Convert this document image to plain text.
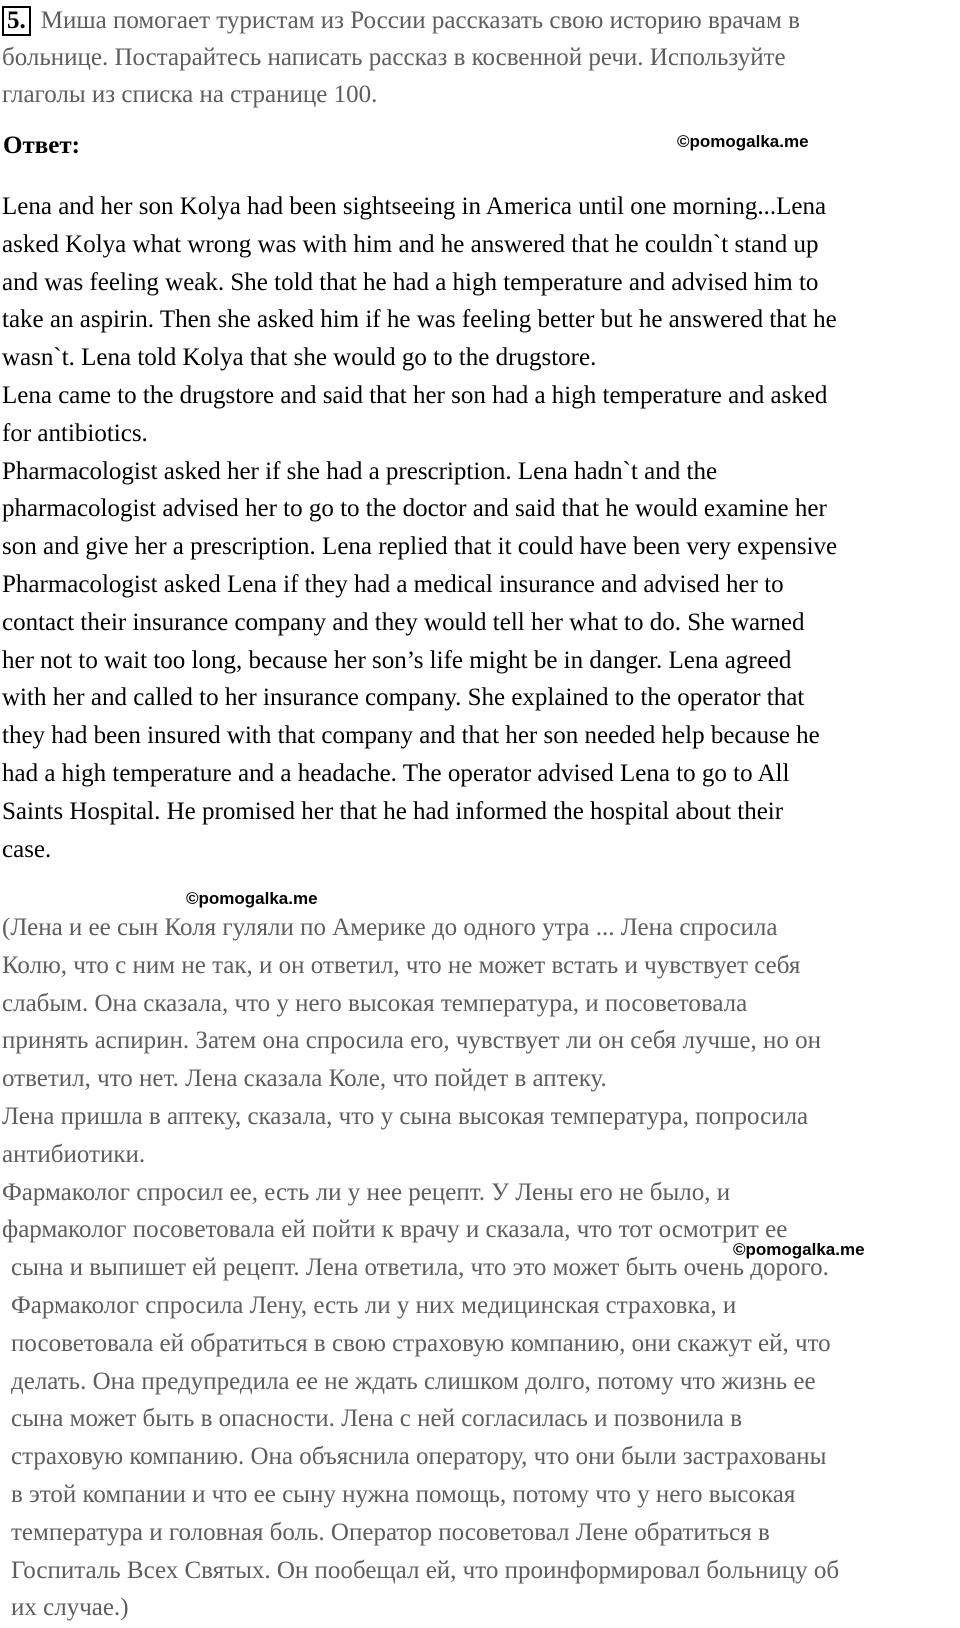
5. Миша помогает туристам из России рассказать свою историю врачам в
больнице. Постарайтесь написать рассказ в косвенной речи. Используйте
глаголы из списка на странице 100.
Ответ:	©pomogalka.me
©pomogalka.me
©pomogalka.me
Lena and her son Kolya had been sightseeing in America until one morning...Lena
asked Kolya what wrong was with him and he answered that he couldn`t stand up
and was feeling weak. She told that he had a high temperature and advised him to
take an aspirin. Then she asked him if he was feeling better but he answered that he
wasn`t. Lena told Kolya that she would go to the drugstore.
Lena came to the drugstore and said that her son had a high temperature and asked
for antibiotics.
Pharmacologist asked her if she had a prescription. Lena hadn`t and the
pharmacologist advised her to go to the doctor and said that he would examine her
son and give her a prescription. Lena replied that it could have been very expensive
Pharmacologist asked Lena if they had a medical insurance and advised her to
contact their insurance company and they would tell her what to do. She warned
her not to wait too long, because her son’s life might be in danger. Lena agreed
with her and called to her insurance company. She explained to the operator that
they had been insured with that company and that her son needed help because he
had a high temperature and a headache. The operator advised Lena to go to All
Saints Hospital. He promised her that he had informed the hospital about their
case.
(Лена и ее сын Коля гуляли по Америке до одного утра ... Лена спросила
Колю, что с ним не так, и он ответил, что не может встать и чувствует себя
слабым. Она сказала, что у него высокая температура, и посоветовала
принять аспирин. Затем она спросила его, чувствует ли он себя лучше, но он
ответил, что нет. Лена сказала Коле, что пойдет в аптеку.
Лена пришла в аптеку, сказала, что у сына высокая температура, попросила
антибиотики.
Фармаколог спросил ее, есть ли у нее рецепт. У Лены его не было, и
фармаколог посоветовала ей пойти к врачу и сказала, что тот осмотрит ее
сына и выпишет ей рецепт. Лена ответила, что это может быть очень дорого.
Фармаколог спросила Лену, есть ли у них медицинская страховка, и
посоветовала ей обратиться в свою страховую компанию, они скажут ей, что
делать. Она предупредила ее не ждать слишком долго, потому что жизнь ее
сына может быть в опасности. Лена с ней согласилась и позвонила в
страховую компанию. Она объяснила оператору, что они были застрахованы
в этой компании и что ее сыну нужна помощь, потому что у него высокая
температура и головная боль. Оператор посоветовал Лене обратиться в
Госпиталь Всех Святых. Он пообещал ей, что проинформировал больницу об
их случае.)
